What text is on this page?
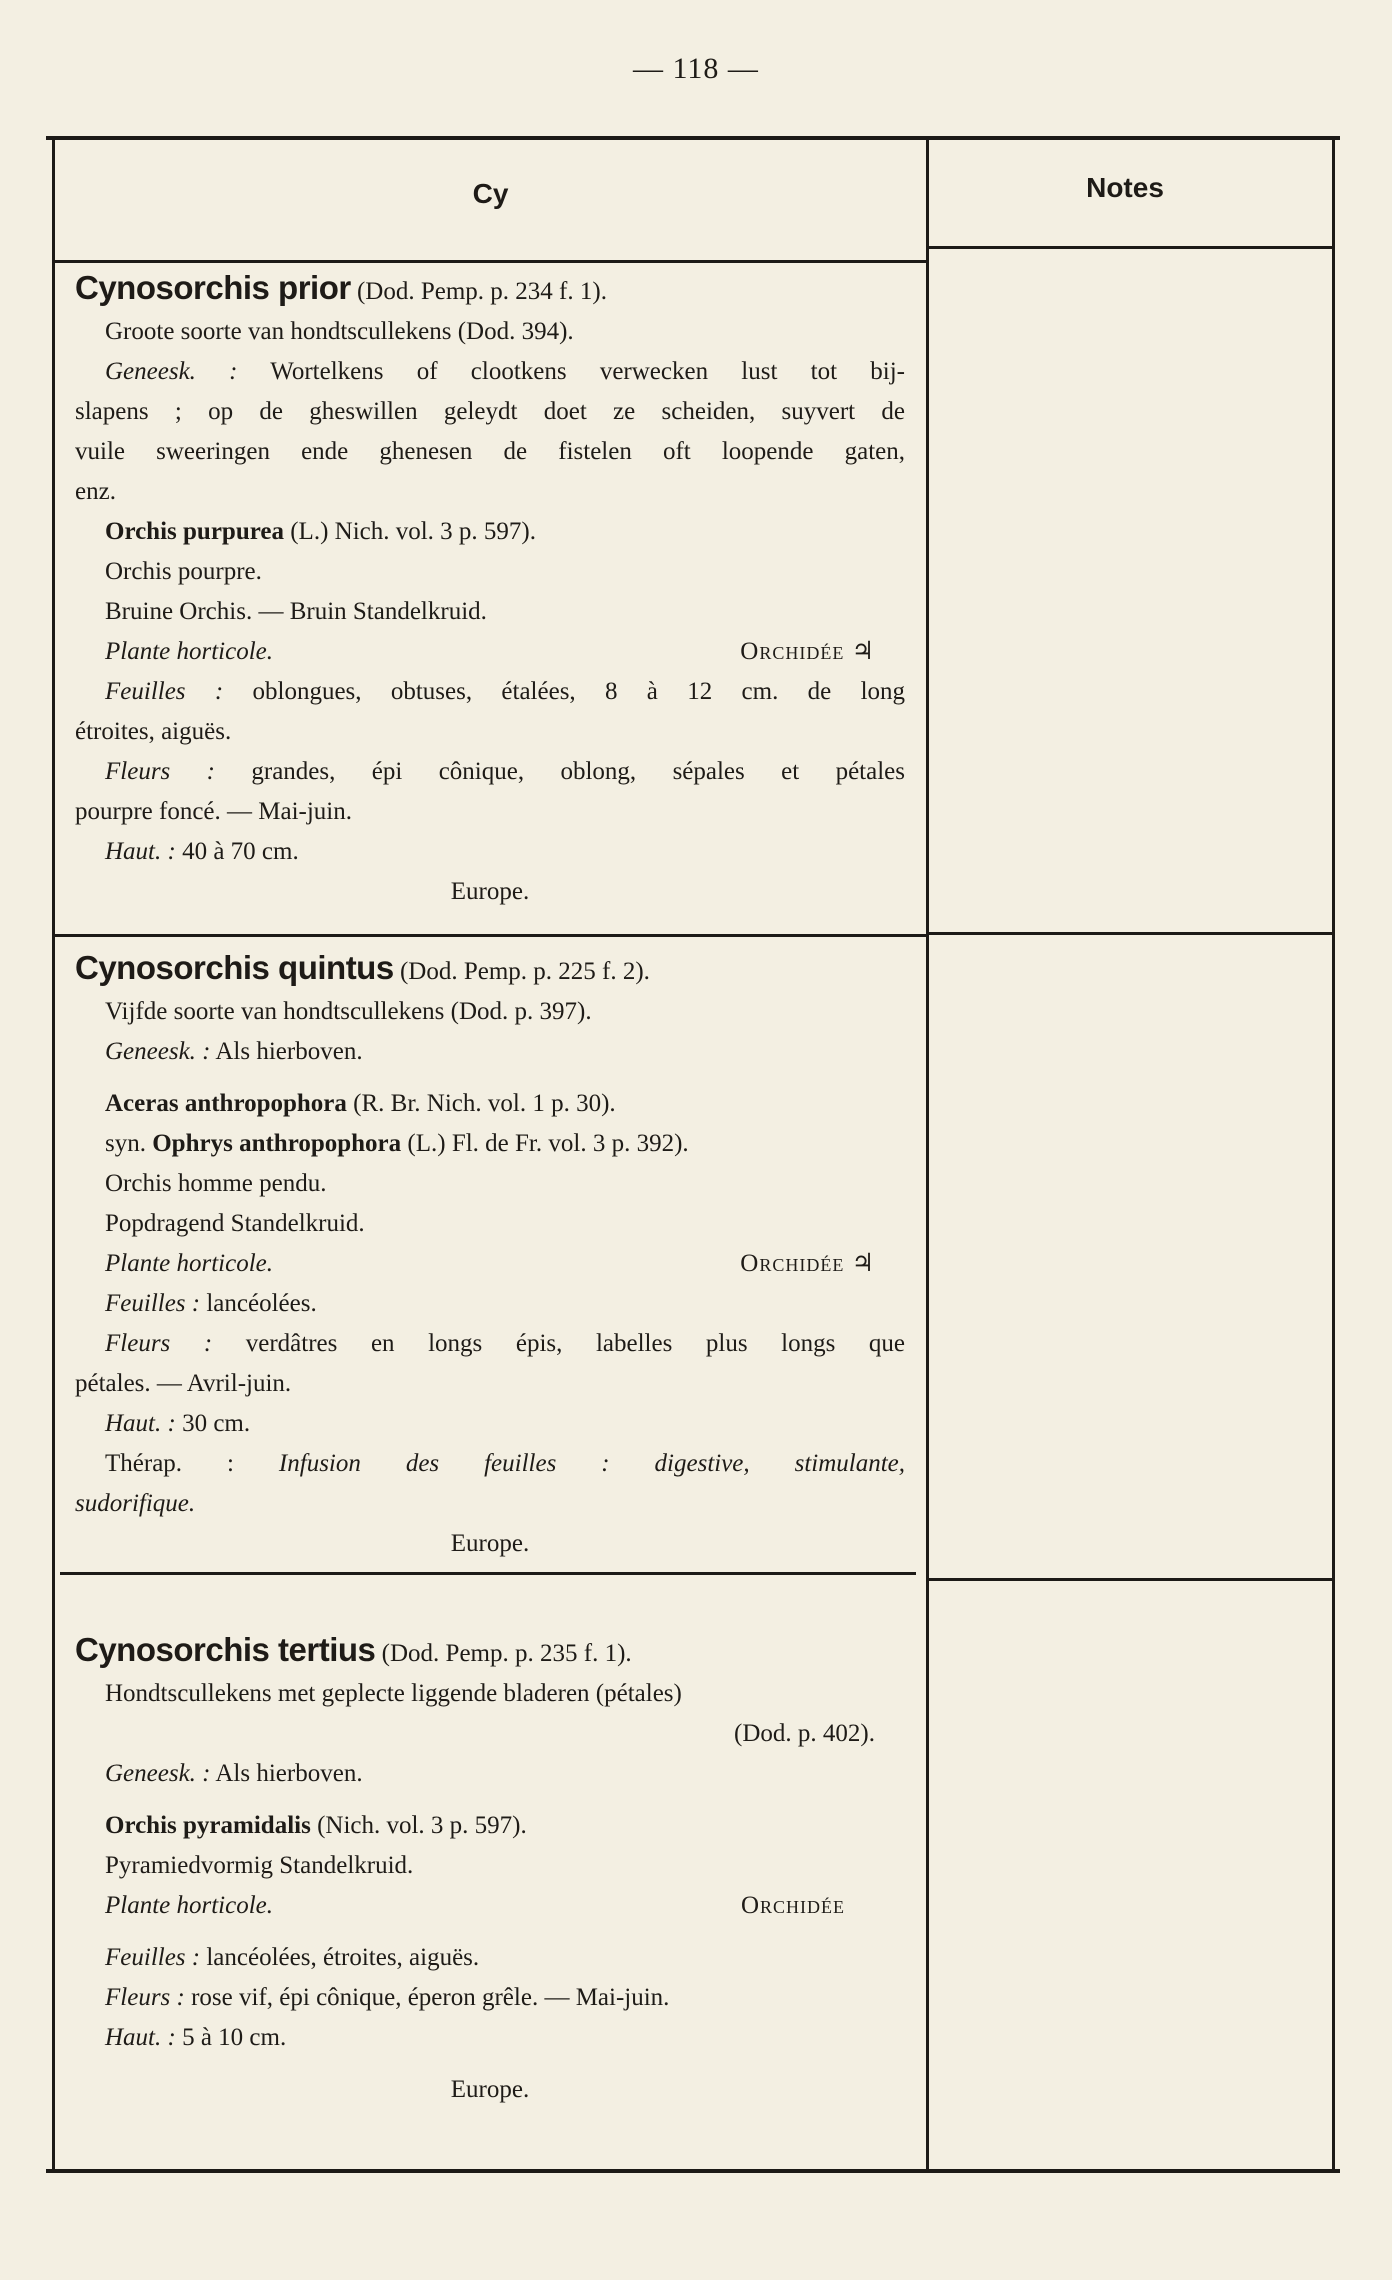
— 118 —
Cy	Notes

Cynosorchis prior (Dod. Pemp. p. 234 f. 1).

Groote soorte van hondtscullekens (Dod. 394).
Geneesk. : Wortelkens of clootkens verwecken lust tot bij-
slapens ; op de gheswillen geleydt doet ze scheiden, suyvert de
vuile sweeringen ende ghenesen de fistelen oft loopende gaten,
enz.
Orchis purpurea (L.) Nich. vol. 3 p. 597).
Orchis pourpre.
Bruine Orchis. — Bruin Standelkruid.
Plante horticole.	Orchidée ♃
Feuilles : oblongues, obtuses, étalées, 8 à 12 cm. de long
étroites, aiguës.
Fleurs : grandes, épi cônique, oblong, sépales et pétales
pourpre foncé. — Mai-juin.
Haut. : 40 à 70 cm.
Europe.

Cynosorchis quintus (Dod. Pemp. p. 225 f. 2).

Vijfde soorte van hondtscullekens (Dod. p. 397).
Geneesk. : Als hierboven.
Aceras anthropophora (R. Br. Nich. vol. 1 p. 30).
syn. Ophrys anthropophora (L.) Fl. de Fr. vol. 3 p. 392).
Orchis homme pendu.
Popdragend Standelkruid.
Plante horticole.	Orchidée ♃
Feuilles : lancéolées.
Fleurs : verdâtres en longs épis, labelles plus longs que
pétales. — Avril-juin.
Haut. : 30 cm.
Thérap. : Infusion des feuilles : digestive, stimulante,
sudorifique.
Europe.

Cynosorchis tertius (Dod. Pemp. p. 235 f. 1).

Hondtscullekens met geplecte liggende bladeren (pétales)
(Dod. p. 402).
Geneesk. : Als hierboven.
Orchis pyramidalis (Nich. vol. 3 p. 597).
Pyramiedvormig Standelkruid.
Plante horticole.	Orchidée
Feuilles : lancéolées, étroites, aiguës.
Fleurs : rose vif, épi cônique, éperon grêle. — Mai-juin.
Haut. : 5 à 10 cm.
Europe.
